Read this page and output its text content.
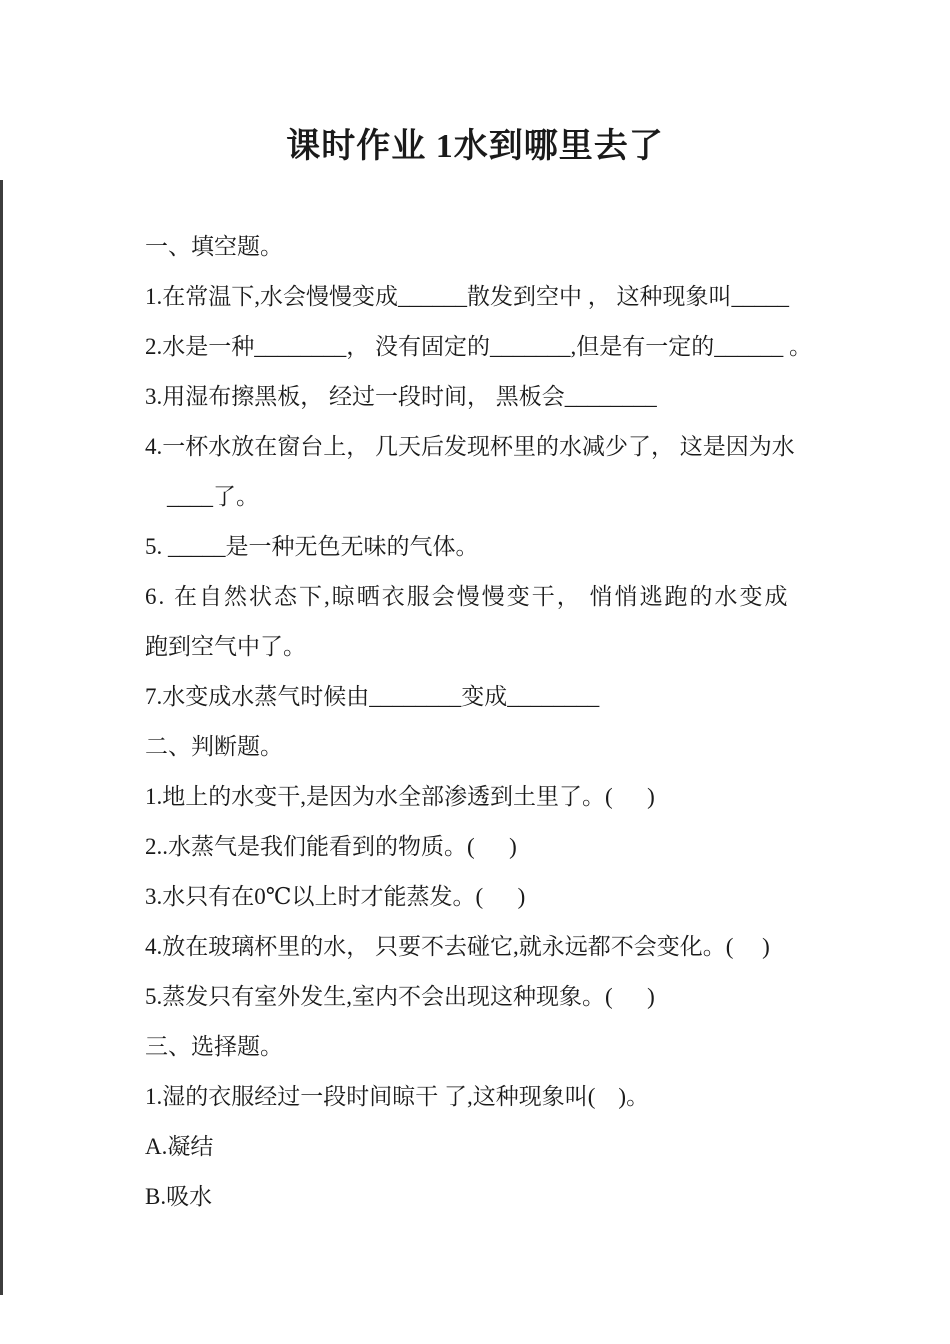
课时作业 1水到哪里去了
一、填空题。
1.在常温下,水会慢慢变成______散发到空中 ， 这种现象叫_____
2.水是一种________， 没有固定的_______,但是有一定的______ 。
3.用湿布擦黑板， 经过一段时间， 黑板会________
4.一杯水放在窗台上， 几天后发现杯里的水减少了， 这是因为水
____了。
5. _____是一种无色无味的气体。
6. 在自然状态下,晾晒衣服会慢慢变干， 悄悄逃跑的水变成
跑到空气中了。
7.水变成水蒸气时候由________变成________
二、判断题。
1.地上的水变干,是因为水全部渗透到土里了。(      )
2..水蒸气是我们能看到的物质。(      )
3.水只有在0℃以上时才能蒸发。(      )
4.放在玻璃杯里的水， 只要不去碰它,就永远都不会变化。(     )
5.蒸发只有室外发生,室内不会出现这种现象。(      )
三、选择题。
1.湿的衣服经过一段时间晾干 了,这种现象叫(    )。
A.凝结
B.吸水
